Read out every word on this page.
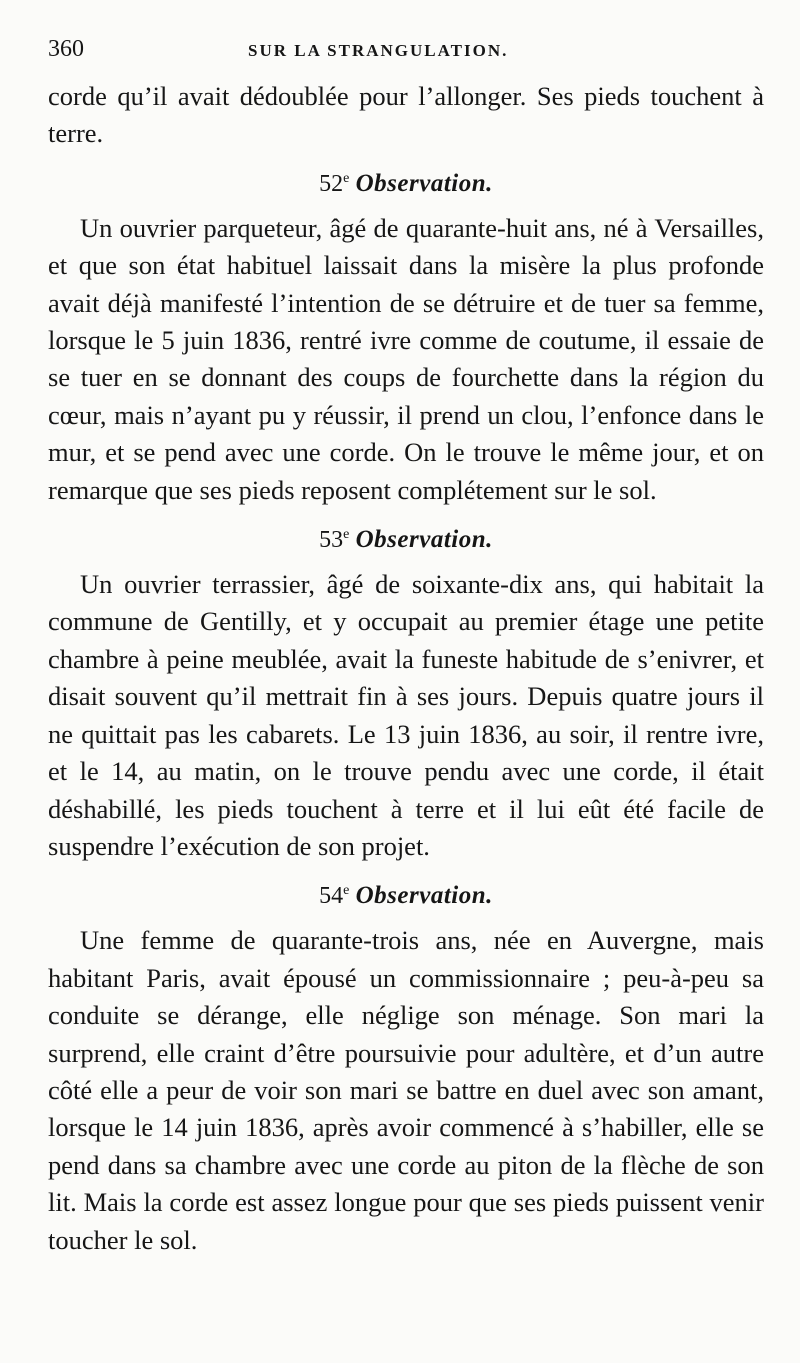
360	SUR LA STRANGULATION.

corde qu’il avait dédoublée pour l’allonger. Ses pieds touchent à terre.

52e Observation.

Un ouvrier parqueteur, âgé de quarante-huit ans, né à Versailles, et que son état habituel laissait dans la misère la plus profonde avait déjà manifesté l’intention de se détruire et de tuer sa femme, lorsque le 5 juin 1836, rentré ivre comme de coutume, il essaie de se tuer en se donnant des coups de fourchette dans la région du cœur, mais n’ayant pu y réussir, il prend un clou, l’enfonce dans le mur, et se pend avec une corde. On le trouve le même jour, et on remarque que ses pieds reposent complétement sur le sol.

53e Observation.

Un ouvrier terrassier, âgé de soixante-dix ans, qui habitait la commune de Gentilly, et y occupait au premier étage une petite chambre à peine meublée, avait la funeste habitude de s’enivrer, et disait souvent qu’il mettrait fin à ses jours. Depuis quatre jours il ne quittait pas les cabarets. Le 13 juin 1836, au soir, il rentre ivre, et le 14, au matin, on le trouve pendu avec une corde, il était déshabillé, les pieds touchent à terre et il lui eût été facile de suspendre l’exécution de son projet.

54e Observation.

Une femme de quarante-trois ans, née en Auvergne, mais habitant Paris, avait épousé un commissionnaire ; peu-à-peu sa conduite se dérange, elle néglige son ménage. Son mari la surprend, elle craint d’être poursuivie pour adultère, et d’un autre côté elle a peur de voir son mari se battre en duel avec son amant, lorsque le 14 juin 1836, après avoir commencé à s’habiller, elle se pend dans sa chambre avec une corde au piton de la flèche de son lit. Mais la corde est assez longue pour que ses pieds puissent venir toucher le sol.
